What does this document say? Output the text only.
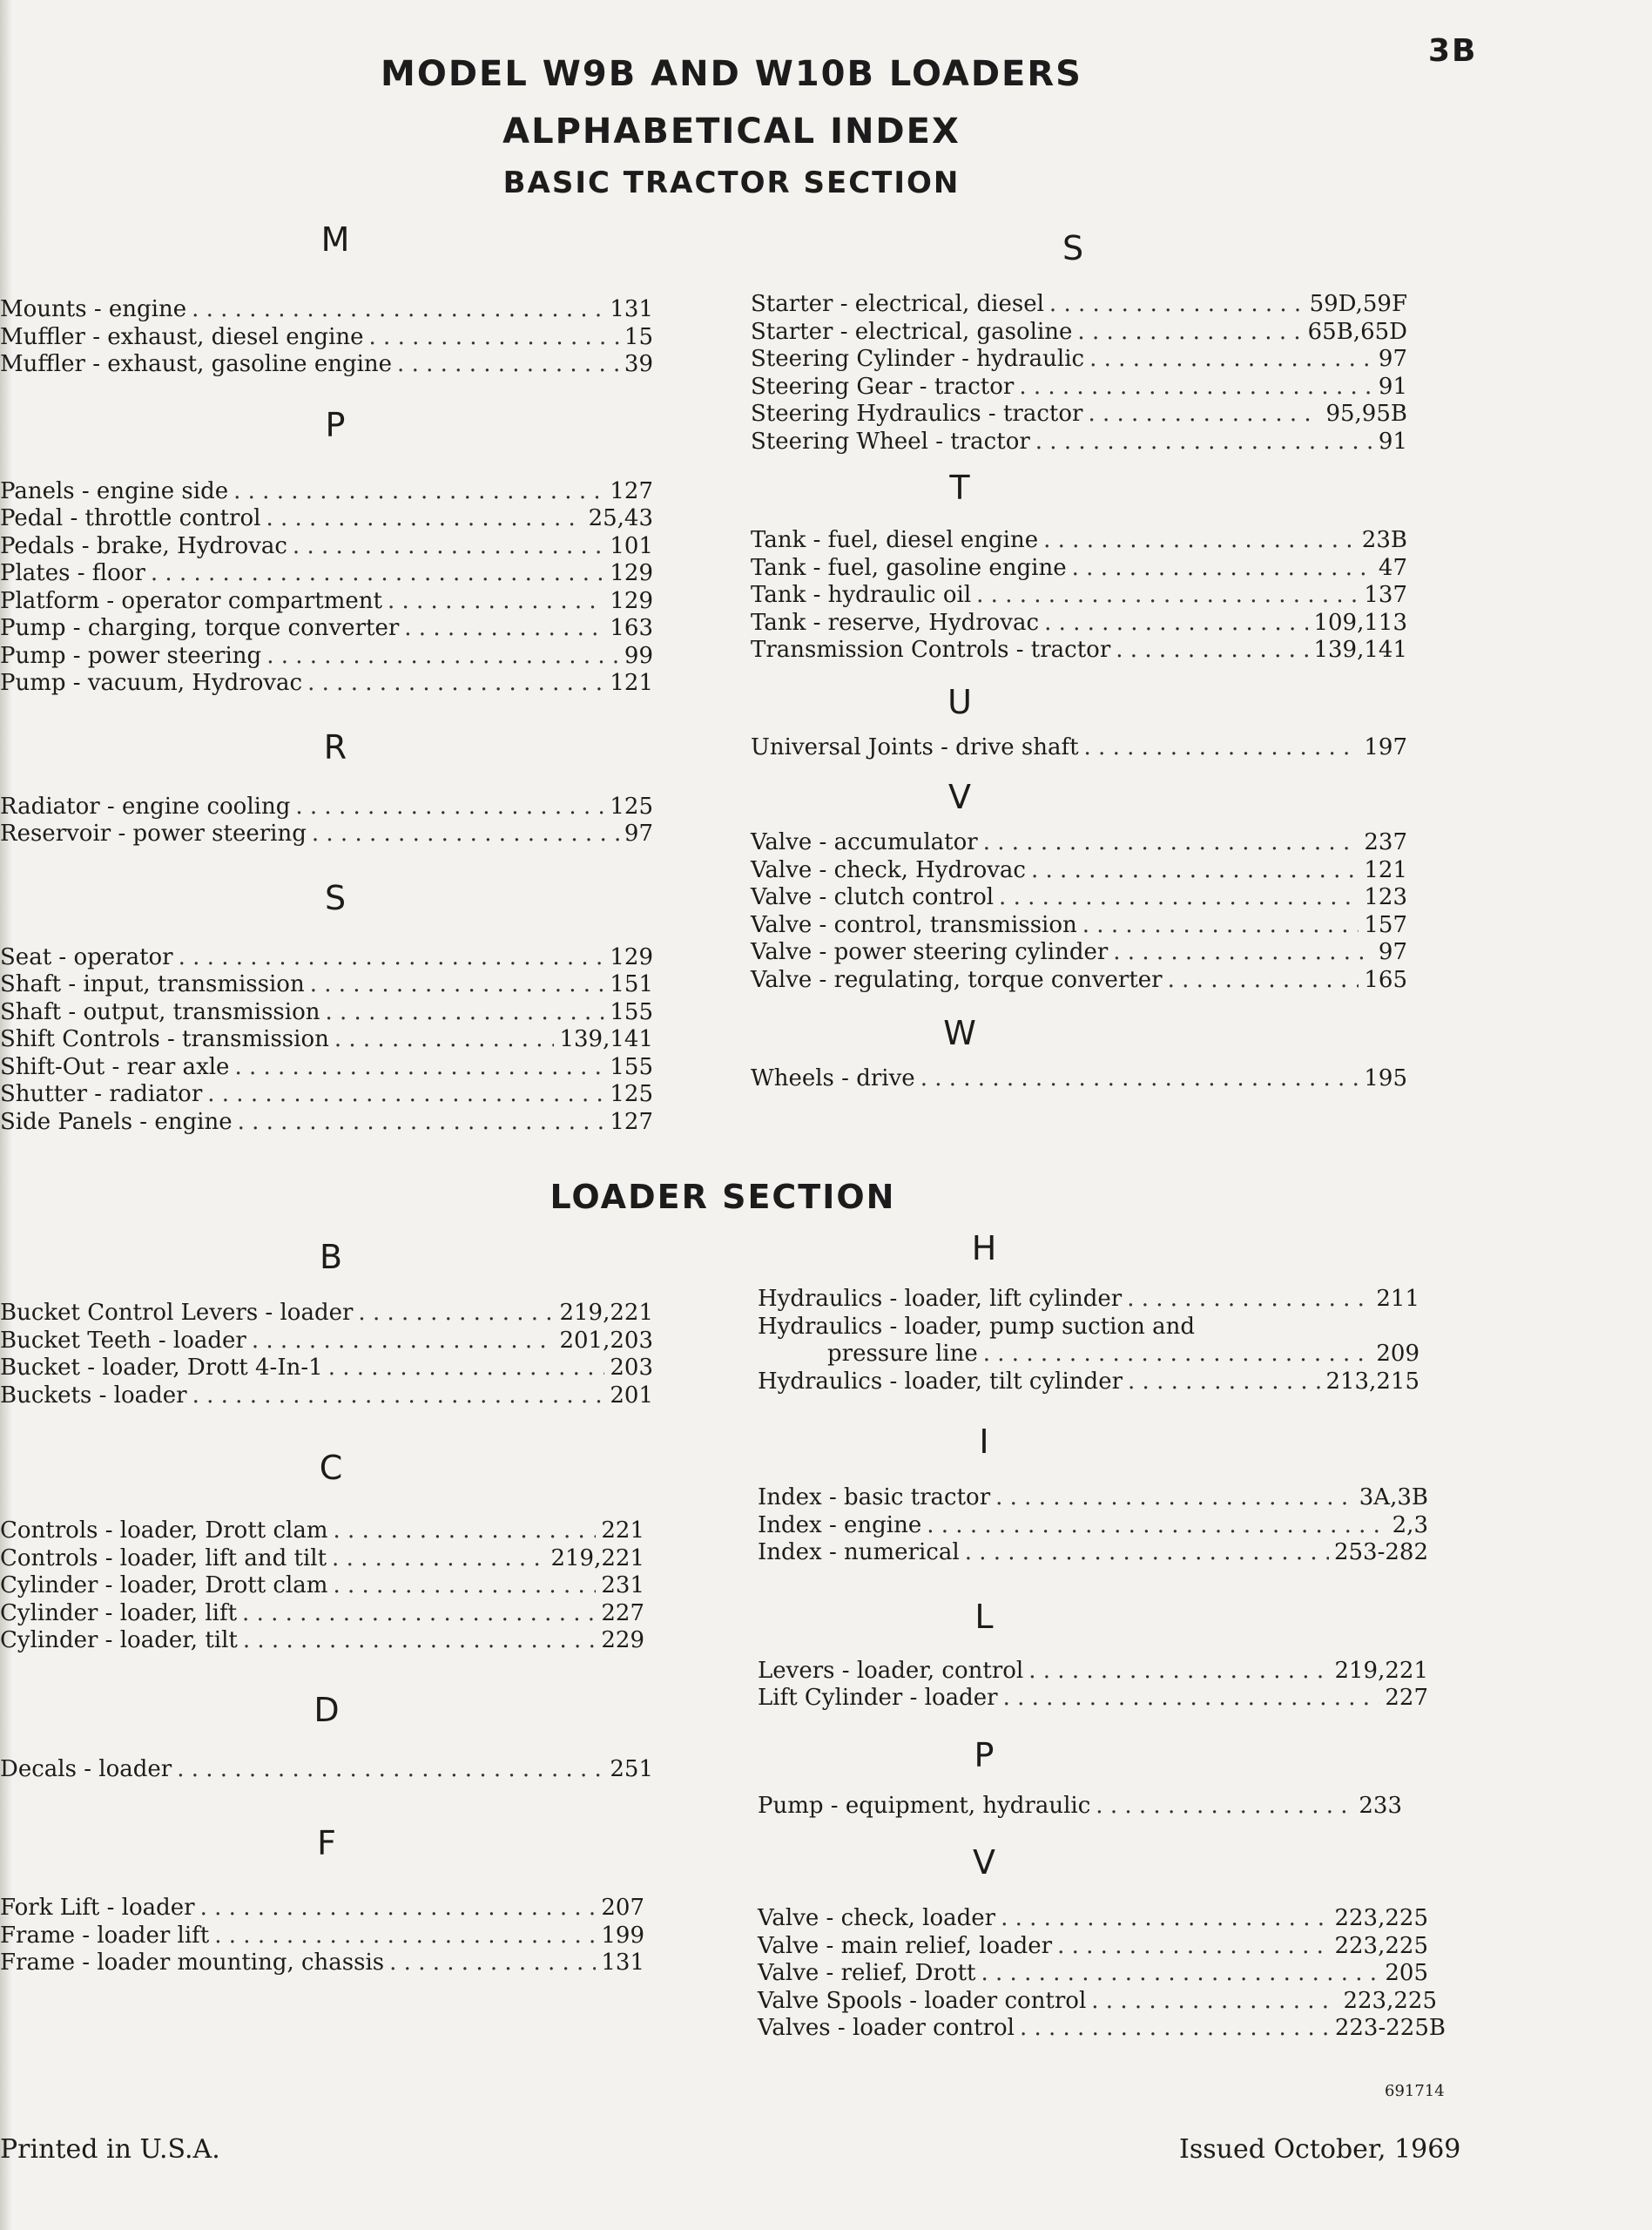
3B
MODEL W9B AND W10B LOADERS
ALPHABETICAL INDEX
BASIC TRACTOR SECTION
M
Mounts - engine . . .	131
Muffler - exhaust, diesel engine . . .	15
Muffler - exhaust, gasoline engine . . .	39
P
Panels - engine side . . .	127
Pedal - throttle control . . .	25,43
Pedals - brake, Hydrovac . . .	101
Plates - floor . . .	129
Platform - operator compartment . . .	129
Pump - charging, torque converter . . .	163
Pump - power steering . . .	99
Pump - vacuum, Hydrovac . . .	121
R
Radiator - engine cooling . . .	125
Reservoir - power steering . . .	97
S
Seat - operator . . .	129
Shaft - input, transmission . . .	151
Shaft - output, transmission . . .	155
Shift Controls - transmission . . .	139,141
Shift-Out - rear axle . . .	155
Shutter - radiator . . .	125
Side Panels - engine . . .	127
S
Starter - electrical, diesel . . .	59D,59F
Starter - electrical, gasoline . . .	65B,65D
Steering Cylinder - hydraulic . . .	97
Steering Gear - tractor . . .	91
Steering Hydraulics - tractor . . .	95,95B
Steering Wheel - tractor . . .	91
T
Tank - fuel, diesel engine . . .	23B
Tank - fuel, gasoline engine . . .	47
Tank - hydraulic oil . . .	137
Tank - reserve, Hydrovac . . .	109,113
Transmission Controls - tractor . . .	139,141
U
Universal Joints - drive shaft . . .	197
V
Valve - accumulator . . .	237
Valve - check, Hydrovac . . .	121
Valve - clutch control . . .	123
Valve - control, transmission . . .	157
Valve - power steering cylinder . . .	97
Valve - regulating, torque converter . . .	165
W
Wheels - drive . . .	195
LOADER SECTION
B
Bucket Control Levers - loader . . .	219,221
Bucket Teeth - loader . . .	201,203
Bucket - loader, Drott 4-In-1 . . .	203
Buckets - loader . . .	201
C
Controls - loader, Drott clam . . .	221
Controls - loader, lift and tilt . . .	219,221
Cylinder - loader, Drott clam . . .	231
Cylinder - loader, lift . . .	227
Cylinder - loader, tilt . . .	229
D
Decals - loader . . .	251
F
Fork Lift - loader . . .	207
Frame - loader lift . . .	199
Frame - loader mounting, chassis . . .	131
H
Hydraulics - loader, lift cylinder . . .	211
Hydraulics - loader, pump suction and
pressure line . . .	209
Hydraulics - loader, tilt cylinder . . .	213,215
I
Index - basic tractor . . .	3A,3B
Index - engine . . .	2,3
Index - numerical . . .	253-282
L
Levers - loader, control . . .	219,221
Lift Cylinder - loader . . .	227
P
Pump - equipment, hydraulic . . .	233
V
Valve - check, loader . . .	223,225
Valve - main relief, loader . . .	223,225
Valve - relief, Drott . . .	205
Valve Spools - loader control . . .	223,225
Valves - loader control . . .	223-225B
691714
Printed in U.S.A.	Issued October, 1969
